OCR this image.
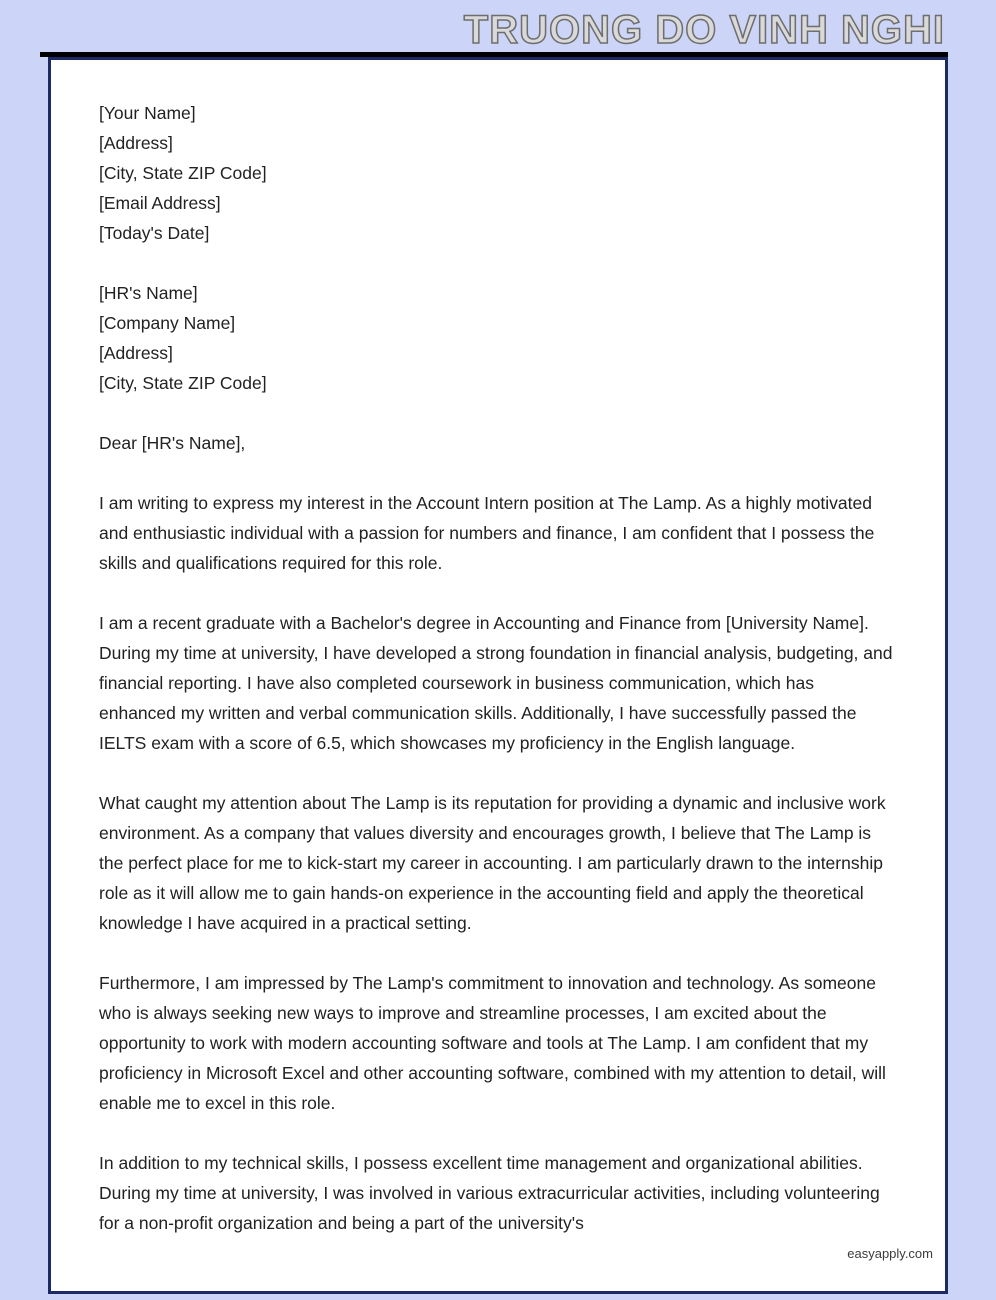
TRUONG DO VINH NGHI
[Your Name]
[Address]
[City, State ZIP Code]
[Email Address]
[Today's Date]
[HR's Name]
[Company Name]
[Address]
[City, State ZIP Code]
Dear [HR's Name],

I am writing to express my interest in the Account Intern position at The Lamp. As a highly motivated and enthusiastic individual with a passion for numbers and finance, I am confident that I possess the skills and qualifications required for this role.

I am a recent graduate with a Bachelor's degree in Accounting and Finance from [University Name]. During my time at university, I have developed a strong foundation in financial analysis, budgeting, and financial reporting. I have also completed coursework in business communication, which has enhanced my written and verbal communication skills. Additionally, I have successfully passed the IELTS exam with a score of 6.5, which showcases my proficiency in the English language.

What caught my attention about The Lamp is its reputation for providing a dynamic and inclusive work environment. As a company that values diversity and encourages growth, I believe that The Lamp is the perfect place for me to kick-start my career in accounting. I am particularly drawn to the internship role as it will allow me to gain hands-on experience in the accounting field and apply the theoretical knowledge I have acquired in a practical setting.

Furthermore, I am impressed by The Lamp's commitment to innovation and technology. As someone who is always seeking new ways to improve and streamline processes, I am excited about the opportunity to work with modern accounting software and tools at The Lamp. I am confident that my proficiency in Microsoft Excel and other accounting software, combined with my attention to detail, will enable me to excel in this role.

In addition to my technical skills, I possess excellent time management and organizational abilities. During my time at university, I was involved in various extracurricular activities, including volunteering for a non-profit organization and being a part of the university's

easyapply.com
